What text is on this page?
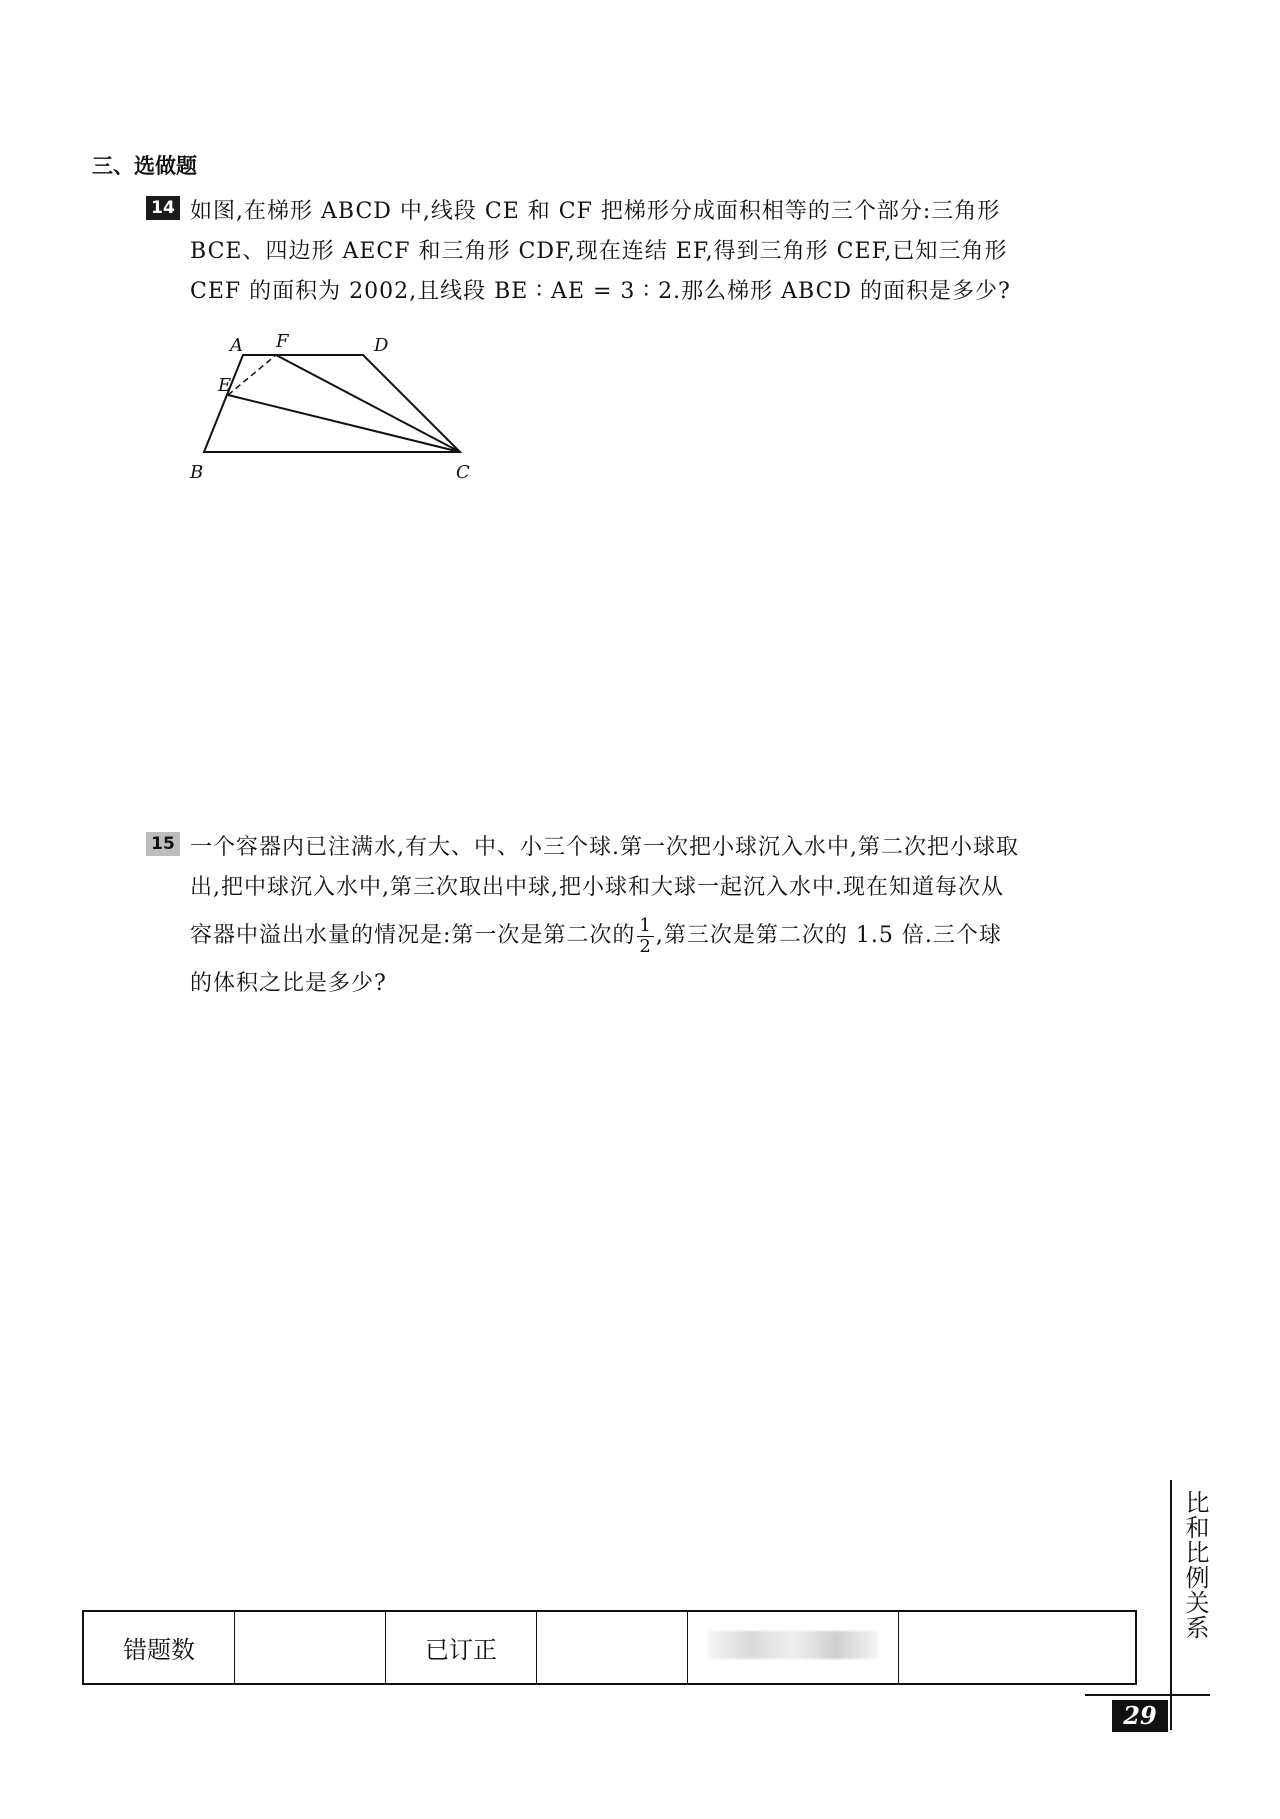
三、选做题
14 如图,在梯形 ABCD 中,线段 CE 和 CF 把梯形分成面积相等的三个部分:三角形
BCE、四边形 AECF 和三角形 CDF,现在连结 EF,得到三角形 CEF,已知三角形
CEF 的面积为 2002,且线段 BE ∶ AE = 3 ∶ 2.那么梯形 ABCD 的面积是多少?
A F	D
E
B	C
15 一个容器内已注满水,有大、中、小三个球.第一次把小球沉入水中,第二次把小球取
出,把中球沉入水中,第三次取出中球,把小球和大球一起沉入水中.现在知道每次从
容器中溢出水量的情况是:第一次是第二次的 $\frac{1}{2}$ ,第三次是第二次的 1.5 倍.三个球
的体积之比是多少?
错题数		已订正			
比和比例关系
29
